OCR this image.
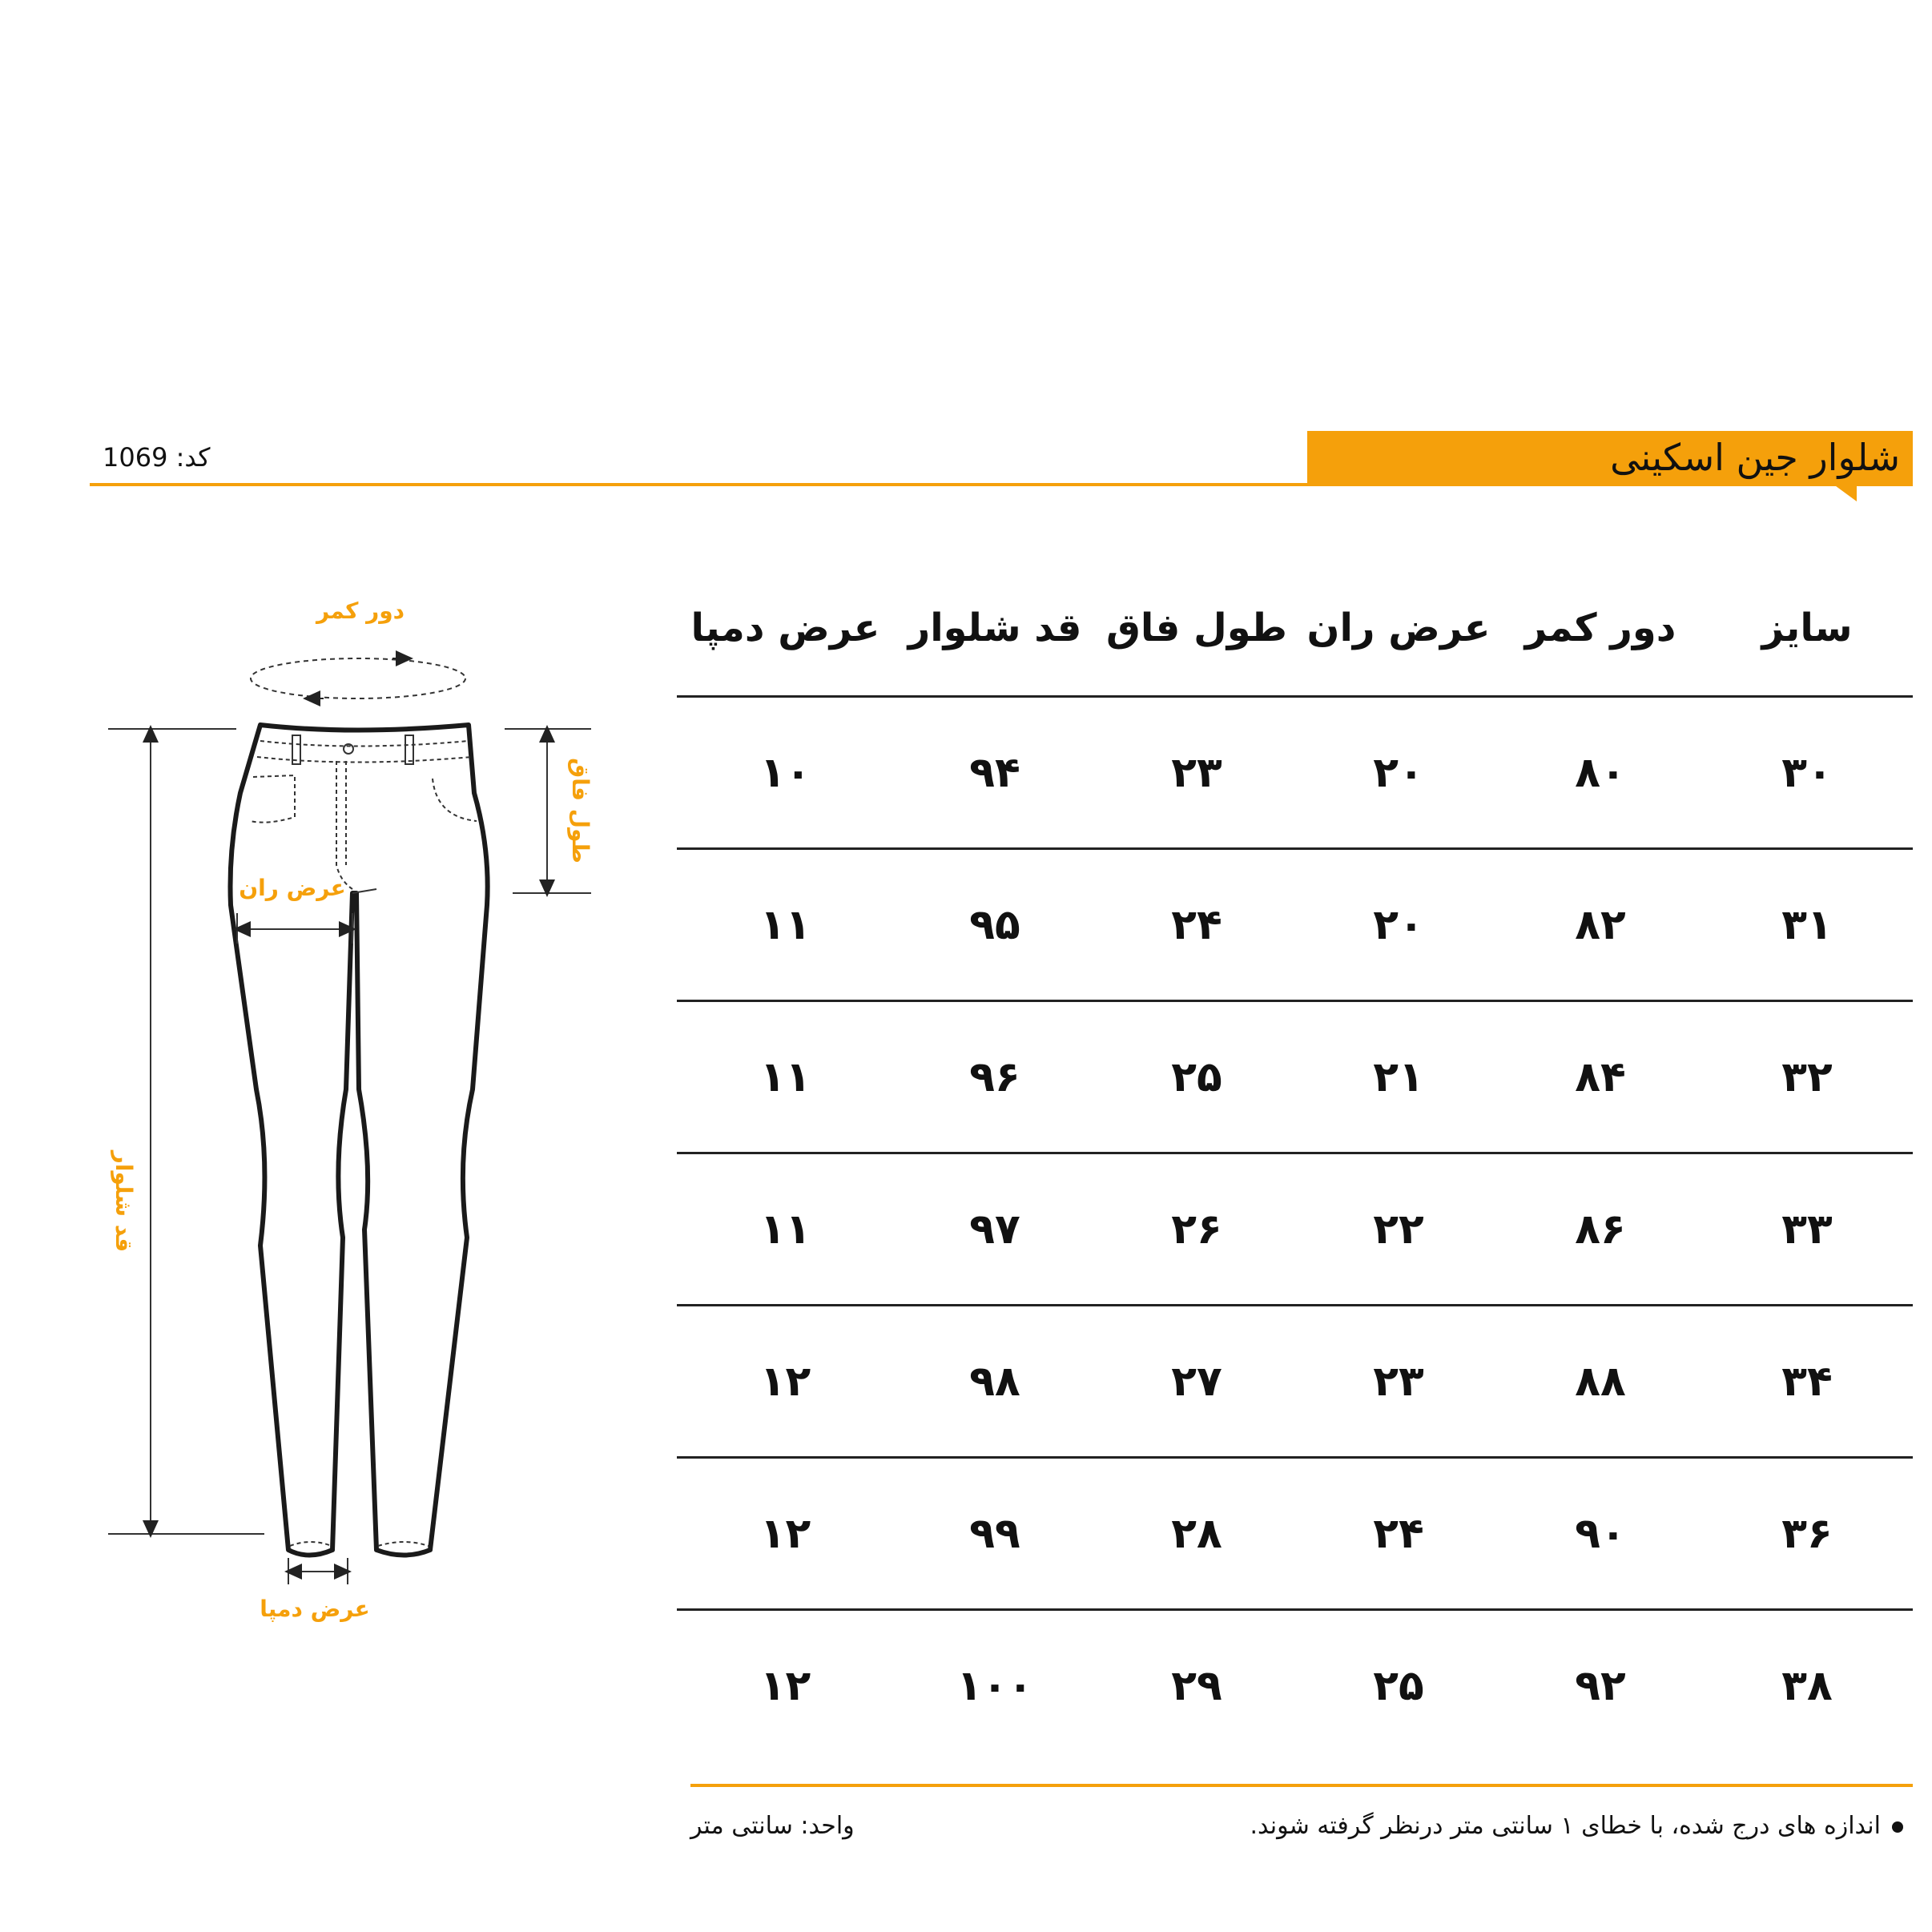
شلوار جین اسکینی
کد: 1069
دور کمر
عرض ران
عرض دمپا
قد شلوار
طول فاق
سایز	دور کمر	عرض ران	طول فاق	قد شلوار	عرض دمپا
۳۰	۸۰	۲۰	۲۳	۹۴	۱۰
۳۱	۸۲	۲۰	۲۴	۹۵	۱۱
۳۲	۸۴	۲۱	۲۵	۹۶	۱۱
۳۳	۸۶	۲۲	۲۶	۹۷	۱۱
۳۴	۸۸	۲۳	۲۷	۹۸	۱۲
۳۶	۹۰	۲۴	۲۸	۹۹	۱۲
۳۸	۹۲	۲۵	۲۹	۱۰۰	۱۲
اندازه های درج شده، با خطای ۱ سانتی متر درنظر گرفته شوند.
واحد: سانتی متر
